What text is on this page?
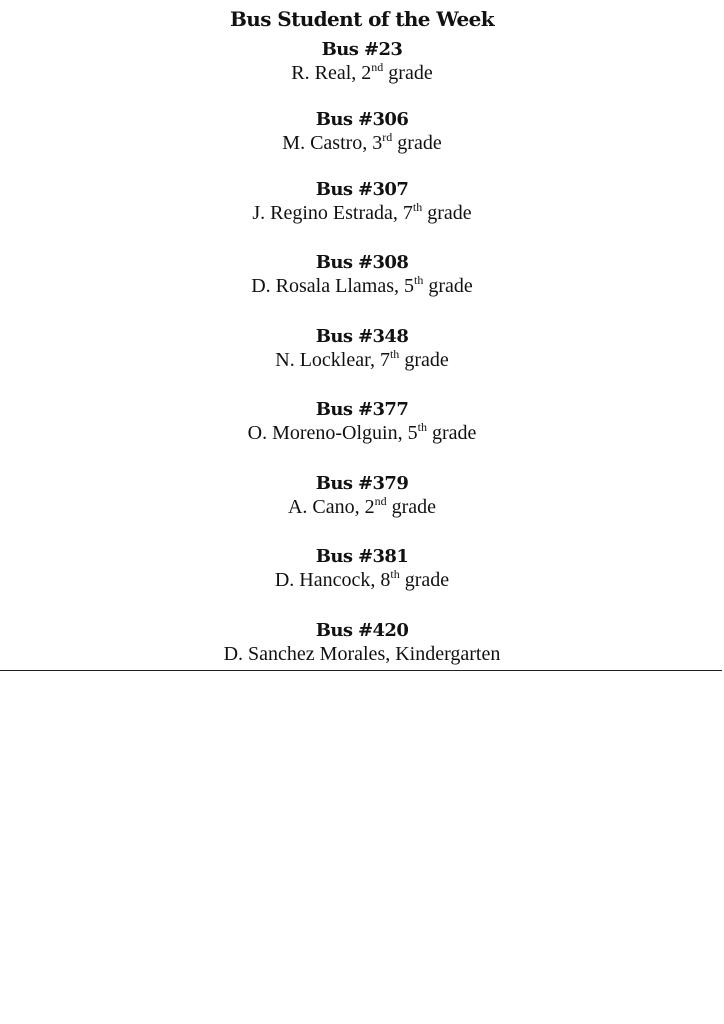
Bus Student of the Week
Bus #23
R. Real, 2nd grade
Bus #306
M. Castro, 3rd grade
Bus #307
J. Regino Estrada, 7th grade
Bus #308
D. Rosala Llamas, 5th grade
Bus #348
N. Locklear, 7th grade
Bus #377
O. Moreno-Olguin, 5th grade
Bus #379
A. Cano, 2nd grade
Bus #381
D. Hancock, 8th grade
Bus #420
D. Sanchez Morales, Kindergarten
